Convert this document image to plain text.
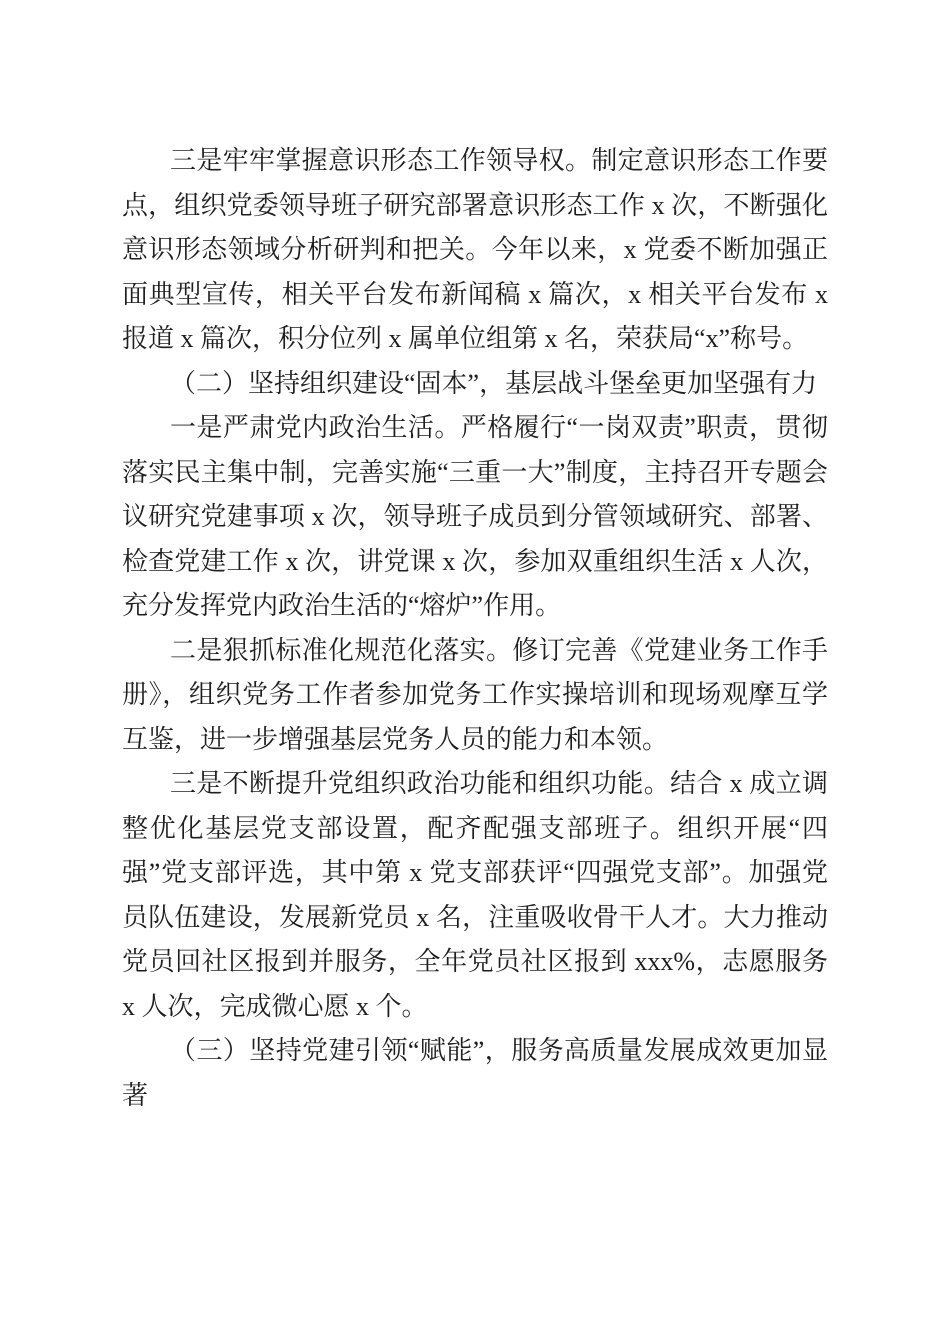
三是牢牢掌握意识形态工作领导权。制定意识形态工作要点，组织党委领导班子研究部署意识形态工作 x 次，不断强化意识形态领域分析研判和把关。今年以来，x 党委不断加强正面典型宣传，相关平台发布新闻稿 x 篇次，x 相关平台发布 x 报道 x 篇次，积分位列 x 属单位组第 x 名，荣获局“x”称号。

（二）坚持组织建设“固本”，基层战斗堡垒更加坚强有力

一是严肃党内政治生活。严格履行“一岗双责”职责，贯彻落实民主集中制，完善实施“三重一大”制度，主持召开专题会议研究党建事项 x 次，领导班子成员到分管领域研究、部署、检查党建工作 x 次，讲党课 x 次，参加双重组织生活 x 人次，充分发挥党内政治生活的“熔炉”作用。

二是狠抓标准化规范化落实。修订完善《党建业务工作手册》，组织党务工作者参加党务工作实操培训和现场观摩互学互鉴，进一步增强基层党务人员的能力和本领。

三是不断提升党组织政治功能和组织功能。结合 x 成立调整优化基层党支部设置，配齐配强支部班子。组织开展“四强”党支部评选，其中第 x 党支部获评“四强党支部”。加强党员队伍建设，发展新党员 x 名，注重吸收骨干人才。大力推动党员回社区报到并服务，全年党员社区报到 xxx%，志愿服务 x 人次，完成微心愿 x 个。

（三）坚持党建引领“赋能”，服务高质量发展成效更加显著
